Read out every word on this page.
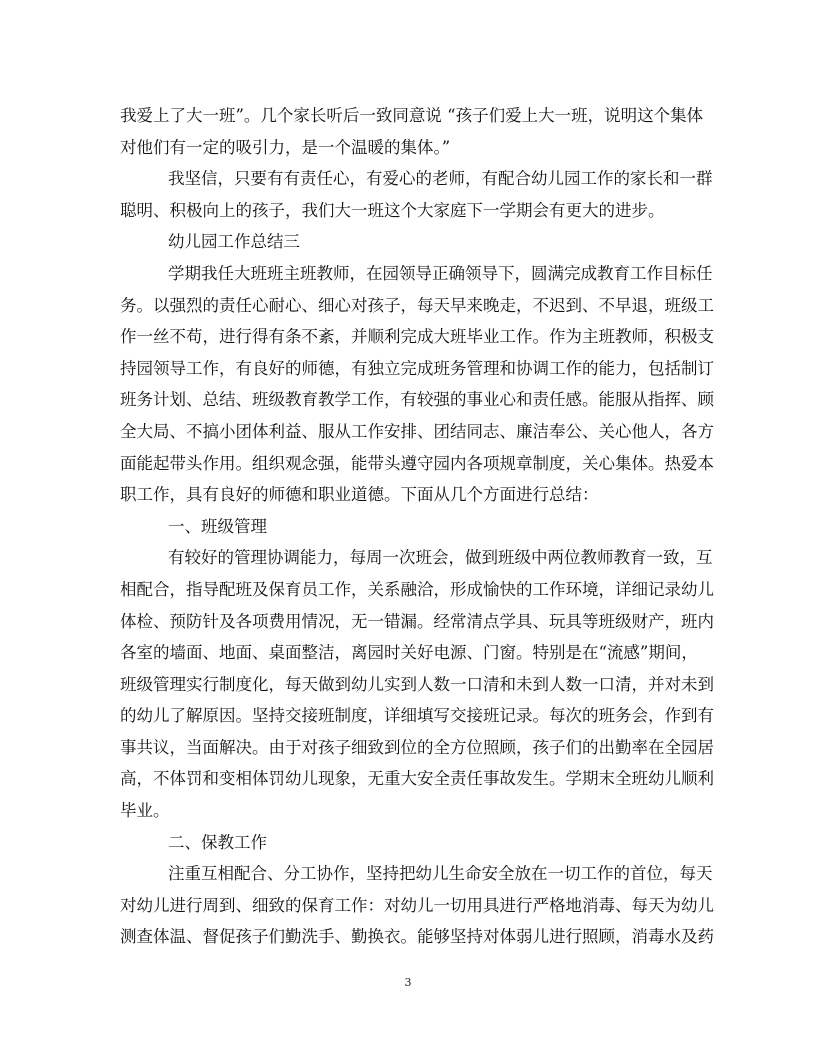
我爱上了大一班”。几个家长听后一致同意说 “孩子们爱上大一班，说明这个集体
对他们有一定的吸引力，是一个温暖的集体。”
我坚信，只要有有责任心，有爱心的老师，有配合幼儿园工作的家长和一群
聪明、积极向上的孩子，我们大一班这个大家庭下一学期会有更大的进步。
幼儿园工作总结三
学期我任大班班主班教师，在园领导正确领导下，圆满完成教育工作目标任
务。以强烈的责任心耐心、细心对孩子，每天早来晚走，不迟到、不早退，班级工
作一丝不苟，进行得有条不紊，并顺利完成大班毕业工作。作为主班教师，积极支
持园领导工作，有良好的师德，有独立完成班务管理和协调工作的能力，包括制订
班务计划、总结、班级教育教学工作，有较强的事业心和责任感。能服从指挥、顾
全大局、不搞小团体利益、服从工作安排、团结同志、廉洁奉公、关心他人，各方
面能起带头作用。组织观念强，能带头遵守园内各项规章制度，关心集体。热爱本
职工作，具有良好的师德和职业道德。下面从几个方面进行总结：
一、班级管理
有较好的管理协调能力，每周一次班会，做到班级中两位教师教育一致，互
相配合，指导配班及保育员工作，关系融洽，形成愉快的工作环境，详细记录幼儿
体检、预防针及各项费用情况，无一错漏。经常清点学具、玩具等班级财产，班内
各室的墙面、地面、桌面整洁，离园时关好电源、门窗。特别是在“流感”期间，
班级管理实行制度化，每天做到幼儿实到人数一口清和未到人数一口清，并对未到
的幼儿了解原因。坚持交接班制度，详细填写交接班记录。每次的班务会，作到有
事共议，当面解决。由于对孩子细致到位的全方位照顾，孩子们的出勤率在全园居
高，不体罚和变相体罚幼儿现象，无重大安全责任事故发生。学期末全班幼儿顺利
毕业。
二、保教工作
注重互相配合、分工协作，坚持把幼儿生命安全放在一切工作的首位，每天
对幼儿进行周到、细致的保育工作：对幼儿一切用具进行严格地消毒、每天为幼儿
测查体温、督促孩子们勤洗手、勤换衣。能够坚持对体弱儿进行照顾，消毒水及药
3
